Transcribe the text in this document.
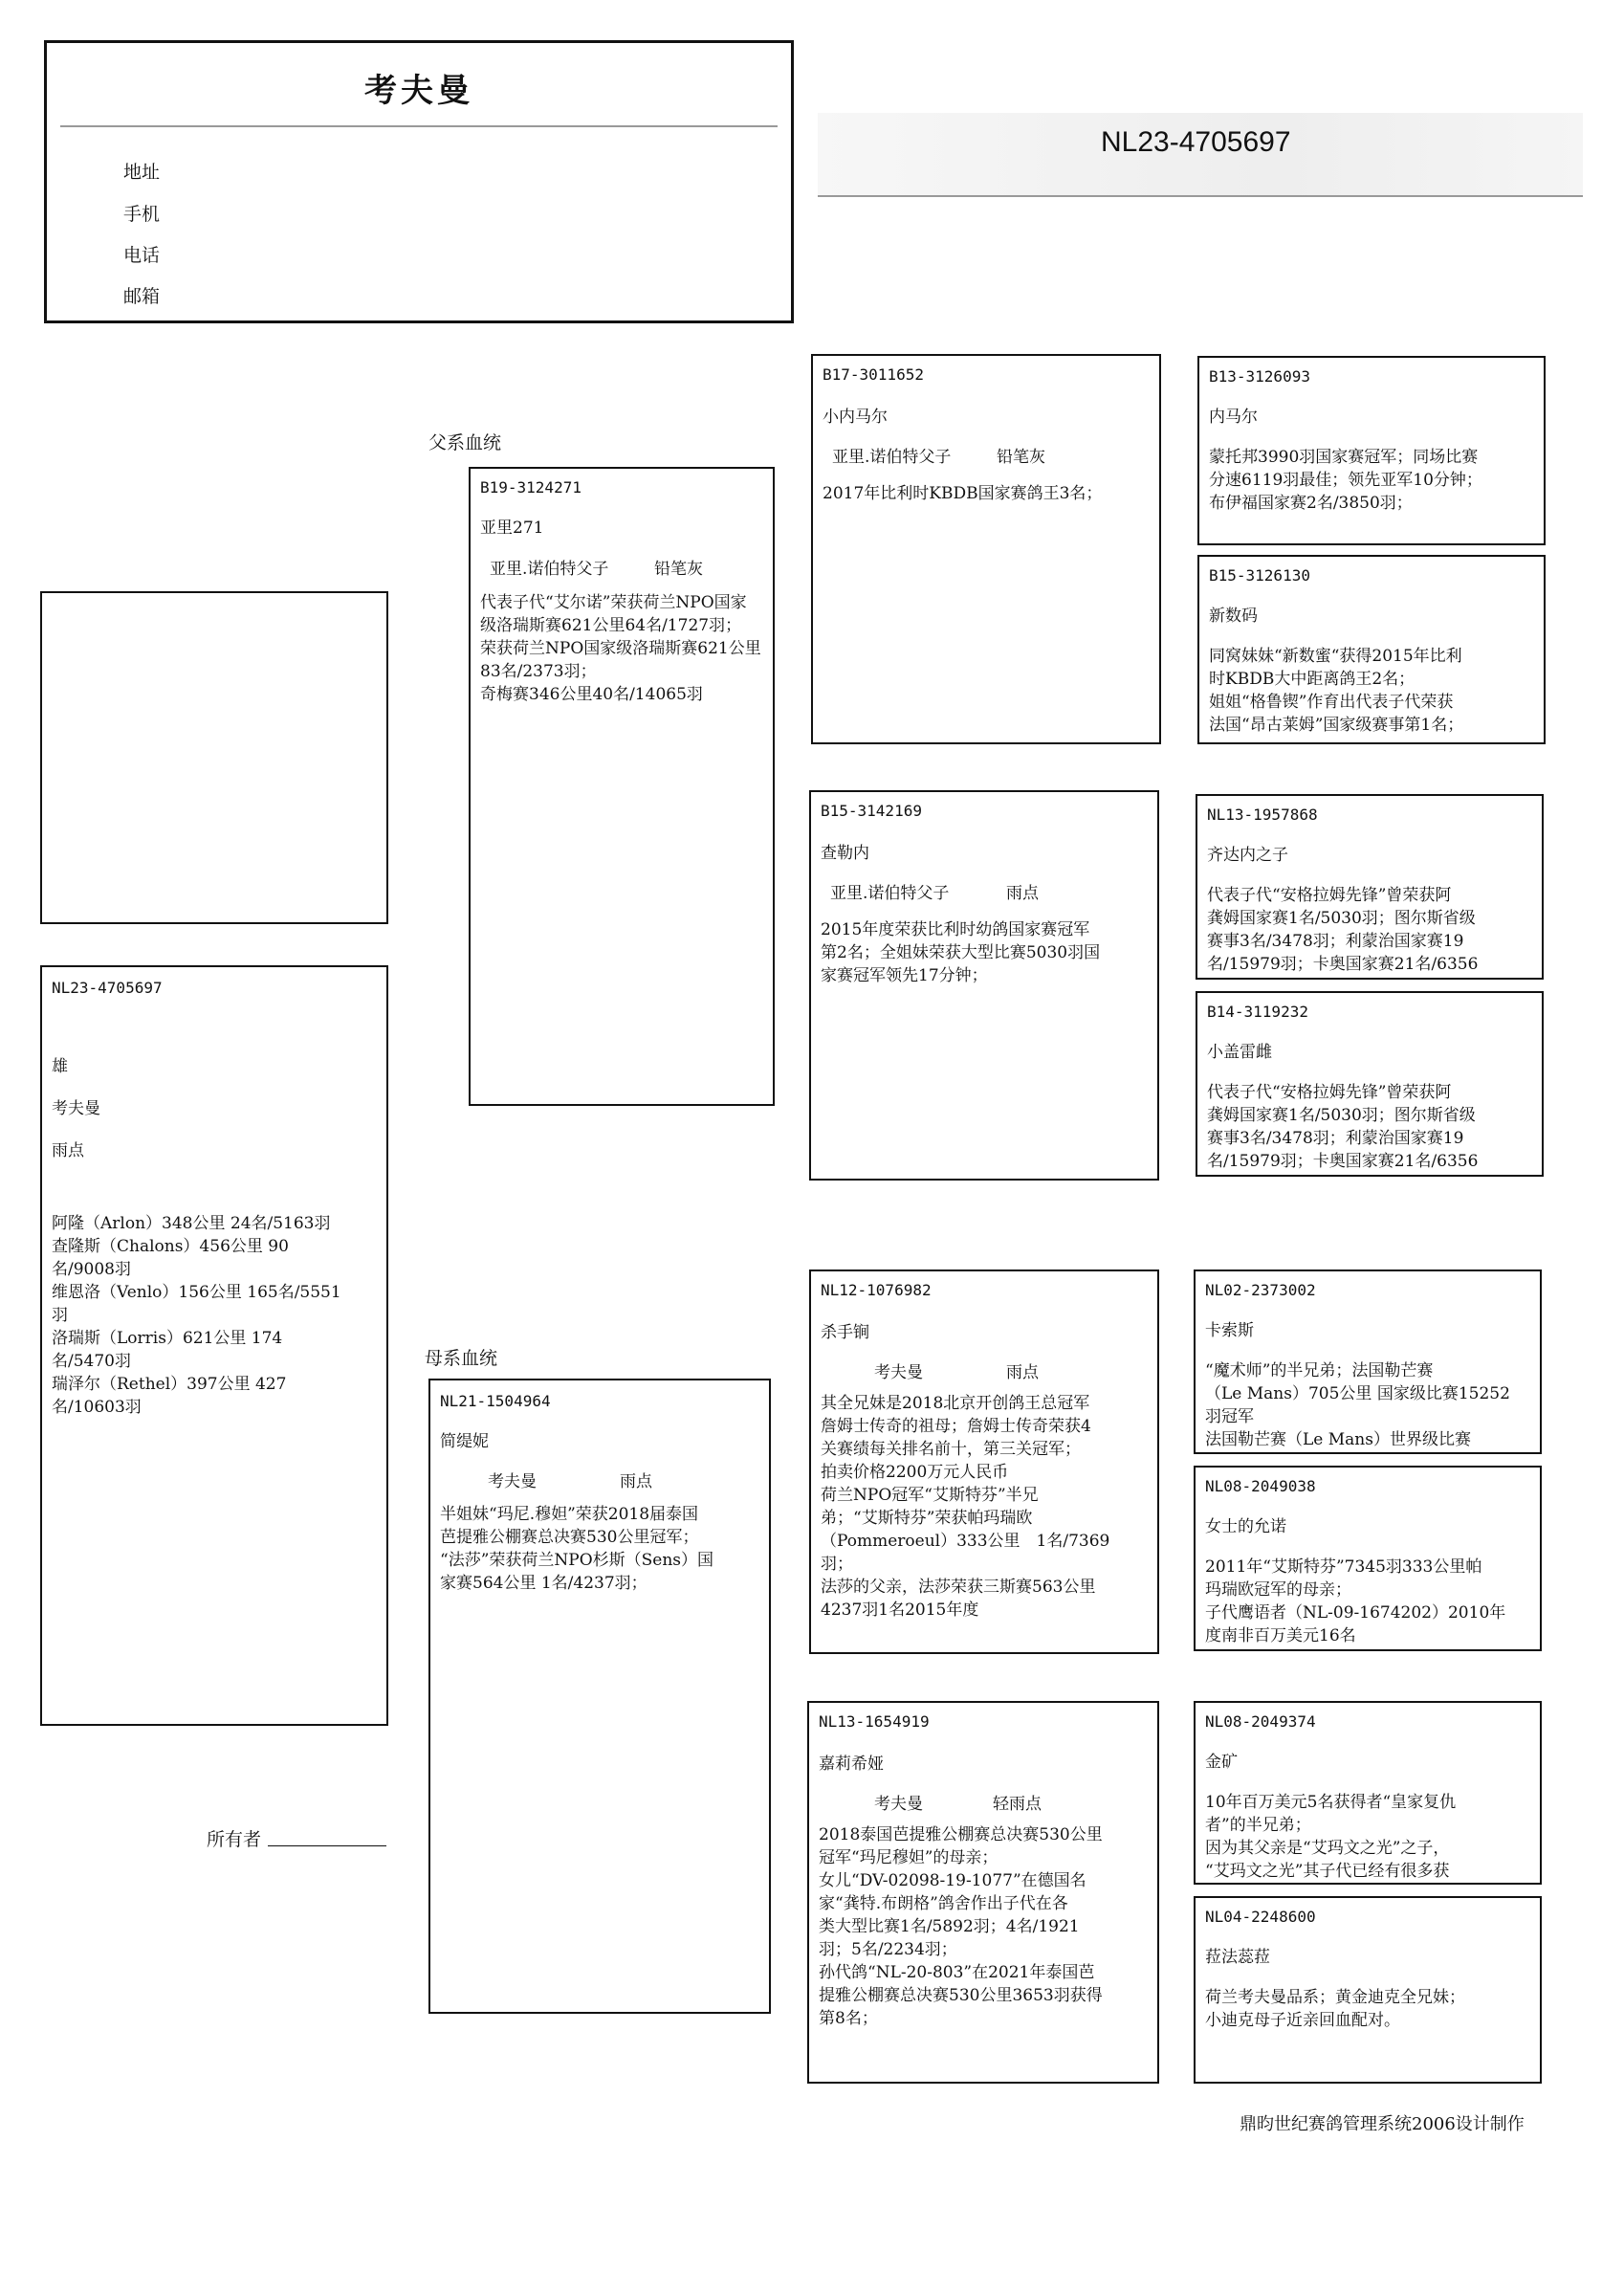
考夫曼
地址
手机
电话
邮箱
NL23-4705697
NL23-4705697
雄
考夫曼
雨点
阿隆（Arlon）348公里 24名/5163羽
查隆斯（Chalons）456公里 90
名/9008羽
维恩洛（Venlo）156公里 165名/5551
羽
洛瑞斯（Lorris）621公里 174
名/5470羽
瑞泽尔（Rethel）397公里 427
名/10603羽
所有者
父系血统
母系血统
B19-3124271
亚里271
亚里.诺伯特父子	铅笔灰
代表子代“艾尔诺”荣获荷兰NPO国家
级洛瑞斯赛621公里64名/1727羽；
荣获荷兰NPO国家级洛瑞斯赛621公里
83名/2373羽；
奇梅赛346公里40名/14065羽
NL21-1504964
简缇妮
考夫曼	雨点
半姐妹“玛尼.穆妲”荣获2018届泰国
芭提雅公棚赛总决赛530公里冠军；
“法莎”荣获荷兰NPO杉斯（Sens）国
家赛564公里 1名/4237羽；
B17-3011652
小内马尔
亚里.诺伯特父子	铅笔灰
2017年比利时KBDB国家赛鸽王3名；
B15-3142169
查勒内
亚里.诺伯特父子	雨点
2015年度荣获比利时幼鸽国家赛冠军
第2名；全姐妹荣获大型比赛5030羽国
家赛冠军领先17分钟；
NL12-1076982
杀手锏
考夫曼	雨点
其全兄妹是2018北京开创鸽王总冠军
詹姆士传奇的祖母；詹姆士传奇荣获4
关赛绩每关排名前十，第三关冠军；
拍卖价格2200万元人民币
荷兰NPO冠军“艾斯特芬”半兄
弟；“艾斯特芬”荣获帕玛瑞欧
（Pommeroeul）333公里　1名/7369
羽；
法莎的父亲，法莎荣获三斯赛563公里
4237羽1名2015年度
NL13-1654919
嘉莉希娅
考夫曼	轻雨点
2018泰国芭提雅公棚赛总决赛530公里
冠军“玛尼穆妲”的母亲；
女儿“DV-02098-19-1077”在德国名
家“龚特.布朗格”鸽舍作出子代在各
类大型比赛1名/5892羽；4名/1921
羽；5名/2234羽；
孙代鸽“NL-20-803”在2021年泰国芭
提雅公棚赛总决赛530公里3653羽获得
第8名；
B13-3126093
内马尔
蒙托邦3990羽国家赛冠军；同场比赛
分速6119羽最佳；领先亚军10分钟；
布伊福国家赛2名/3850羽；
B15-3126130
新数码
同窝妹妹“新数蜜“获得2015年比利
时KBDB大中距离鸽王2名；
姐姐“格鲁锲”作育出代表子代荣获
法国“昂古莱姆”国家级赛事第1名；
NL13-1957868
齐达内之子
代表子代“安格拉姆先锋”曾荣获阿
龚姆国家赛1名/5030羽；图尔斯省级
赛事3名/3478羽；利蒙治国家赛19
名/15979羽；卡奥国家赛21名/6356
B14-3119232
小盖雷雌
代表子代“安格拉姆先锋”曾荣获阿
龚姆国家赛1名/5030羽；图尔斯省级
赛事3名/3478羽；利蒙治国家赛19
名/15979羽；卡奥国家赛21名/6356
NL02-2373002
卡索斯
“魔术师”的半兄弟；法国勒芒赛
（Le Mans）705公里 国家级比赛15252
羽冠军
法国勒芒赛（Le Mans）世界级比赛
NL08-2049038
女士的允诺
2011年“艾斯特芬”7345羽333公里帕
玛瑞欧冠军的母亲；
子代鹰语者（NL-09-1674202）2010年
度南非百万美元16名
NL08-2049374
金矿
10年百万美元5名获得者“皇家复仇
者”的半兄弟；
因为其父亲是“艾玛文之光”之子，
“艾玛文之光”其子代已经有很多获
NL04-2248600
菈法蕊菈
荷兰考夫曼品系；黄金迪克全兄妹；
小迪克母子近亲回血配对。
鼎昀世纪赛鸽管理系统2006设计制作
